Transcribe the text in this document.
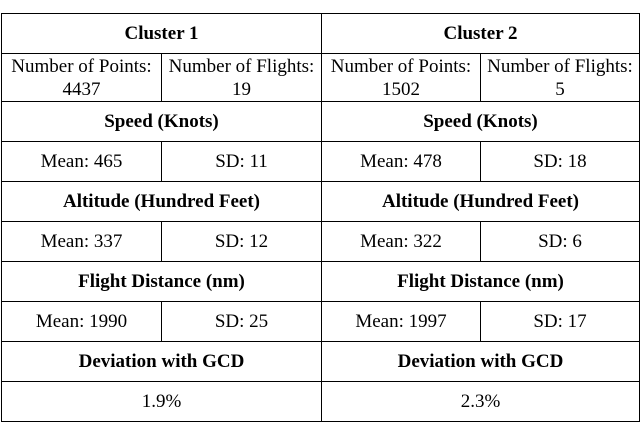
Cluster 1		Cluster 2	
Number of Points: 4437	Number of Flights: 19	Number of Points: 1502	Number of Flights: 5
Speed (Knots)		Speed (Knots)	
Mean: 465	SD: 11	Mean: 478	SD: 18
Altitude (Hundred Feet)		Altitude (Hundred Feet)	
Mean: 337	SD: 12	Mean: 322	SD: 6
Flight Distance (nm)		Flight Distance (nm)	
Mean: 1990	SD: 25	Mean: 1997	SD: 17
Deviation with GCD		Deviation with GCD	
1.9%		2.3%	
